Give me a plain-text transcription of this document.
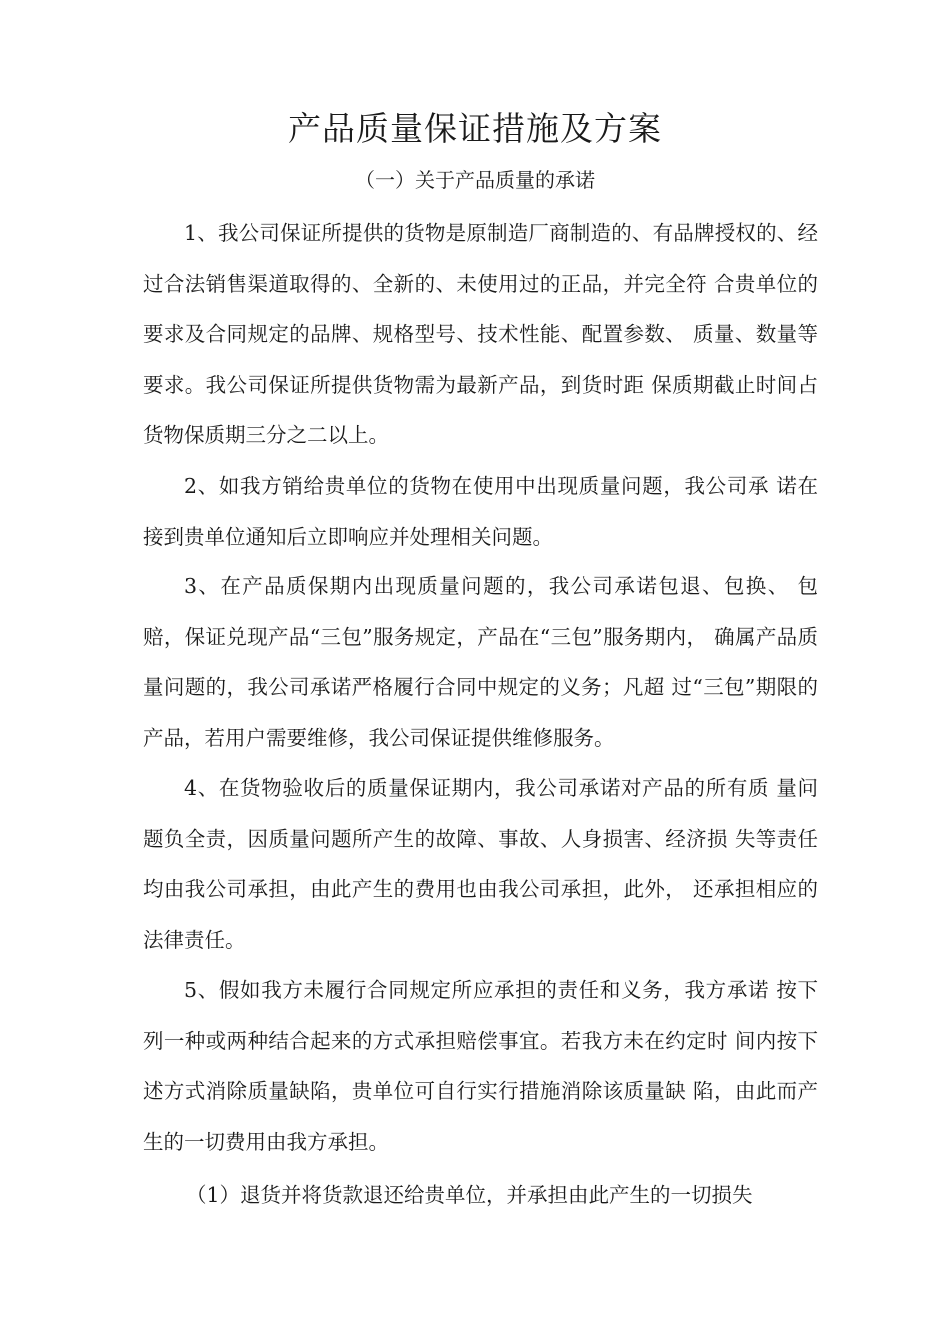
产品质量保证措施及方案
（一）关于产品质量的承诺

1、我公司保证所提供的货物是原制造厂商制造的、有品牌授权的、经过合法销售渠道取得的、全新的、未使用过的正品，并完全符 合贵单位的要求及合同规定的品牌、规格型号、技术性能、配置参数、 质量、数量等要求。我公司保证所提供货物需为最新产品，到货时距 保质期截止时间占货物保质期三分之二以上。

2、如我方销给贵单位的货物在使用中出现质量问题，我公司承 诺在接到贵单位通知后立即响应并处理相关问题。

3、在产品质保期内出现质量问题的，我公司承诺包退、包换、 包赔，保证兑现产品“三包”服务规定，产品在“三包”服务期内， 确属产品质量问题的，我公司承诺严格履行合同中规定的义务；凡超 过“三包”期限的产品，若用户需要维修，我公司保证提供维修服务。

4、在货物验收后的质量保证期内，我公司承诺对产品的所有质 量问题负全责，因质量问题所产生的故障、事故、人身损害、经济损 失等责任均由我公司承担，由此产生的费用也由我公司承担，此外， 还承担相应的法律责任。

5、假如我方未履行合同规定所应承担的责任和义务，我方承诺 按下列一种或两种结合起来的方式承担赔偿事宜。若我方未在约定时 间内按下述方式消除质量缺陷，贵单位可自行实行措施消除该质量缺 陷，由此而产生的一切费用由我方承担。

（1）退货并将货款退还给贵单位，并承担由此产生的一切损失
